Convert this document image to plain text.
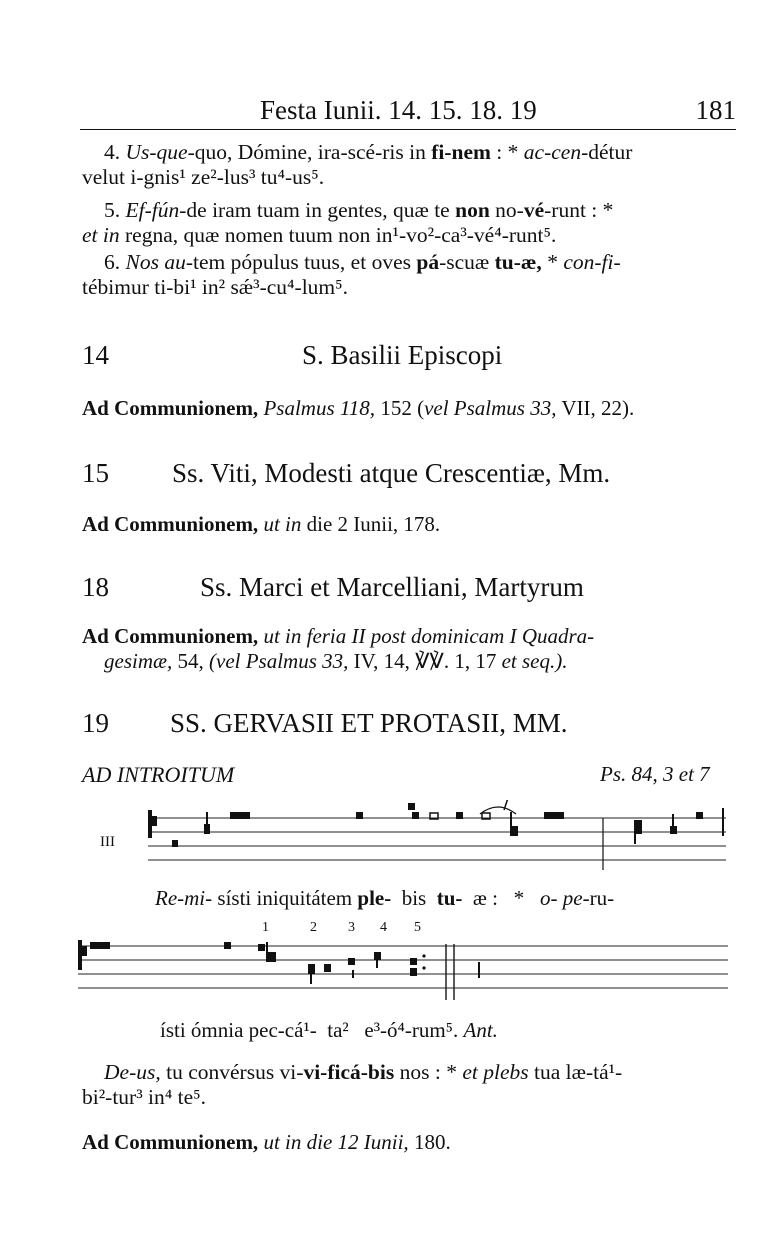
Festa Iunii. 14. 15. 18. 19	181

4. Us-que-quo, Dómine, ira-scé-ris in fi-nem : * ac-cen-détur

velut i-gnis¹ ze²-lus³ tu⁴-us⁵.

5. Ef-fún-de iram tuam in gentes, quæ te non no-vé-runt : *

et in regna, quæ nomen tuum non in¹-vo²-ca³-vé⁴-runt⁵.

6. Nos au-tem pópulus tuus, et oves pá-scuæ tu-æ, * con-fi-

tébimur ti-bi¹ in² sǽ³-cu⁴-lum⁵.

14	S. Basilii Episcopi
Ad Communionem, Psalmus 118, 152 (vel Psalmus 33, VII, 22).
15 Ss. Viti, Modesti atque Crescentiæ, Mm.
Ad Communionem, ut in die 2 Iunii, 178.
18	Ss. Marci et Marcelliani, Martyrum
Ad Communionem, ut in feria II post dominicam I Quadra-
gesimæ, 54, (vel Psalmus 33, IV, 14, ℣℣. 1, 17 et seq.).
19 SS. GERVASII ET PROTASII, MM.
AD INTROITUM	Ps. 84, 3 et 7
III
Re-mi- sísti iniquitátem ple-  bis  tu-  æ :   *   o- pe-ru-
1	2 3 4 5
ísti ómnia pec-cá¹-  ta²   e³-ó⁴-rum⁵. Ant.

De-us, tu convérsus vi-vi-ficá-bis nos : * et plebs tua læ-tá¹-

bi²-tur³ in⁴ te⁵.

Ad Communionem, ut in die 12 Iunii, 180.
